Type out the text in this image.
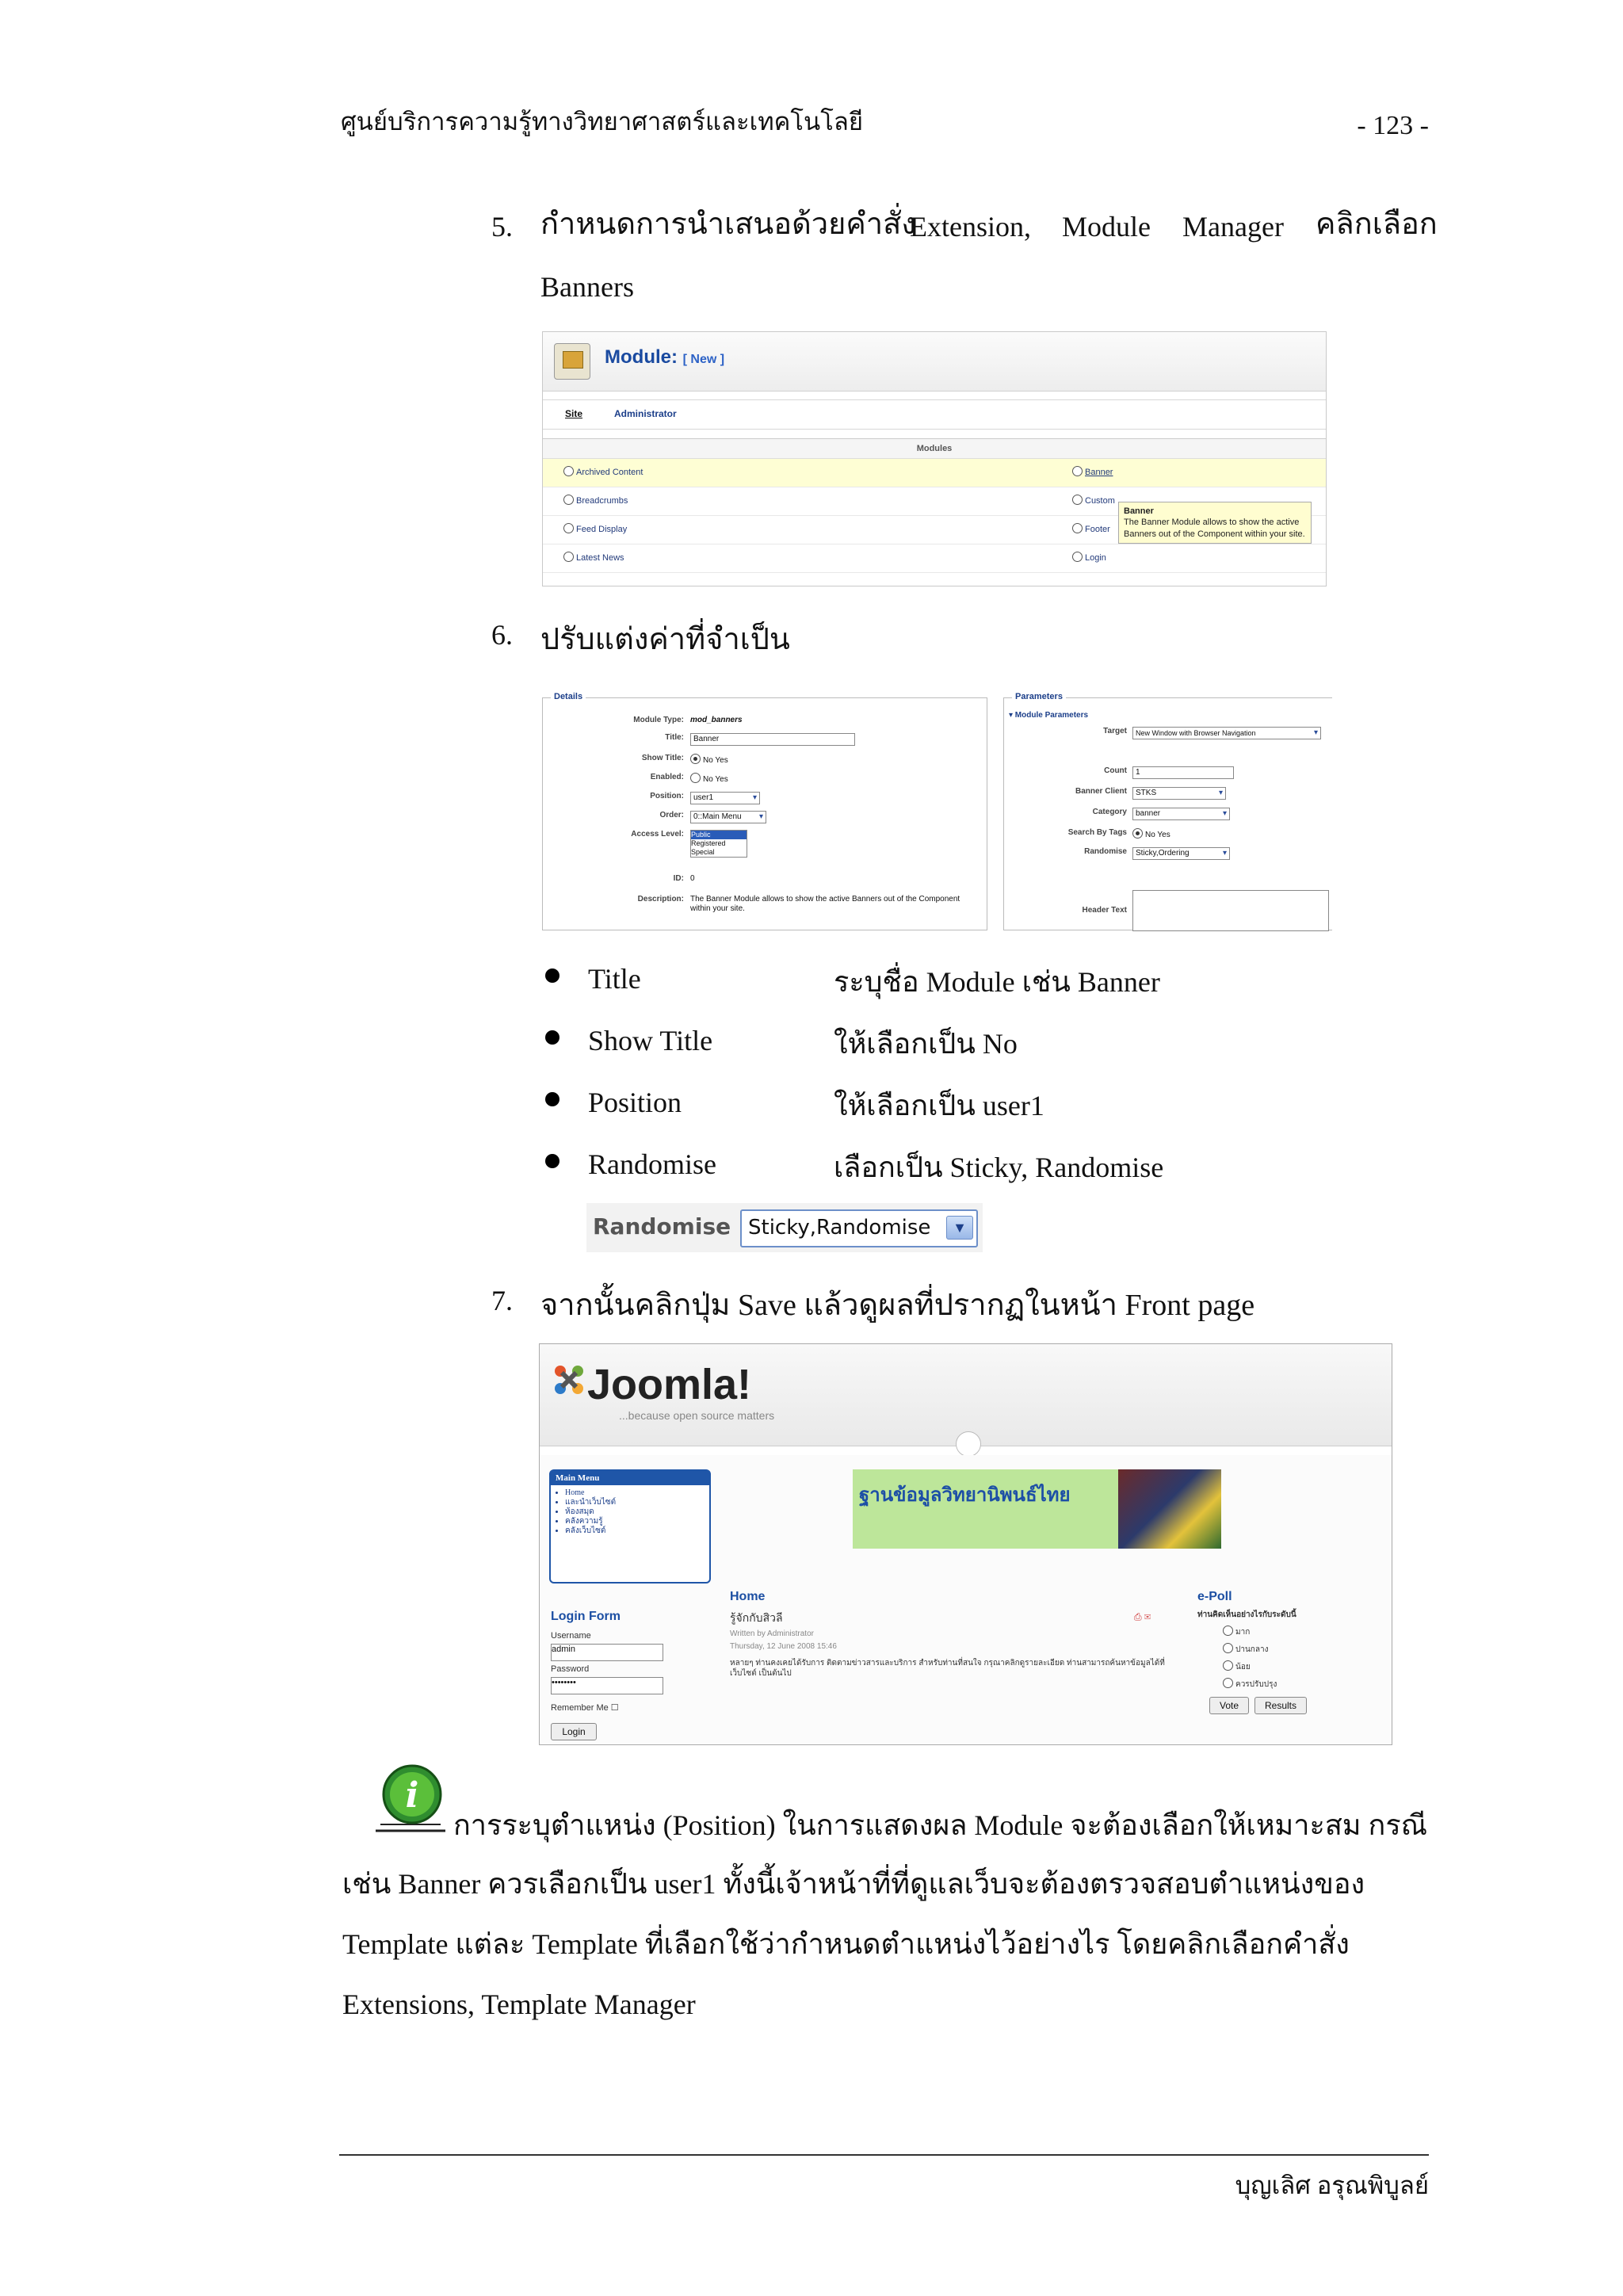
ศูนย์บริการความรู้ทางวิทยาศาสตร์และเทคโนโลยี	- 123 -
5. กำหนดการนำเสนอด้วยคำสั่ง
Extension, Module Manager คลิกเลือก
Banners
Module: [ New ]
Site	Administrator
Modules
Archived Content	Banner
Breadcrumbs	Custom
Feed Display	Footer
Latest News	Login
Banner
The Banner Module allows to show the active Banners out of the Component within your site.
6. ปรับแต่งค่าที่จำเป็น
Details
Module Type: mod_banners
Title:	Banner
Show Title:	No Yes
Enabled:	No Yes
Position:	user1 ▾
Order:	0::Main Menu ▾
Access Level: Public
Registered
Special
ID: 0
Description: The Banner Module allows to show the active Banners out of the Component within your site.
Parameters
▾ Module Parameters
Target	New Window with Browser Navigation ▾
Count	1
Banner Client	STKS ▾
Category	banner ▾
Search By Tags	No Yes
Randomise	Sticky,Ordering ▾
Header Text
Title	ระบุชื่อ Module เช่น Banner
Show Title	ให้เลือกเป็น No
Position	ให้เลือกเป็น user1
Randomise	เลือกเป็น Sticky, Randomise
Randomise Sticky,Randomise	▼
7. จากนั้นคลิกปุ่ม Save แล้วดูผลที่ปรากฏในหน้า Front page
Joomla!
...because open source matters
Main Menu
• Home
• และนำเว็บไซต์
• ห้องสมุด
• คลังความรู้
• คลังเว็บไซต์
ฐานข้อมูลวิทยานิพนธ์ไทย
Login Form
Username
admin
Password
••••••••
Remember Me ☐
Login
Home
รู้จักกับสิวลี
Written by Administrator
Thursday, 12 June 2008 15:46
หลายๆ ท่านคงเคยได้รับการ ติดตามข่าวสารและบริการ สำหรับท่านที่สนใจ กรุณาคลิกดูรายละเอียด ท่านสามารถค้นหาข้อมูลได้ที่เว็บไซต์ เป็นต้นไป
⎙ ✉
e-Poll
ท่านคิดเห็นอย่างไรกับระดับนี้
มาก
ปานกลาง
น้อย
ควรปรับปรุง
Vote	Results
i
การระบุตำแหน่ง (Position) ในการแสดงผล Module จะต้องเลือกให้เหมาะสม กรณี
เช่น Banner ควรเลือกเป็น user1 ทั้งนี้เจ้าหน้าที่ที่ดูแลเว็บจะต้องตรวจสอบตำแหน่งของ
Template แต่ละ Template ที่เลือกใช้ว่ากำหนดตำแหน่งไว้อย่างไร โดยคลิกเลือกคำสั่ง
Extensions, Template Manager
บุญเลิศ อรุณพิบูลย์
